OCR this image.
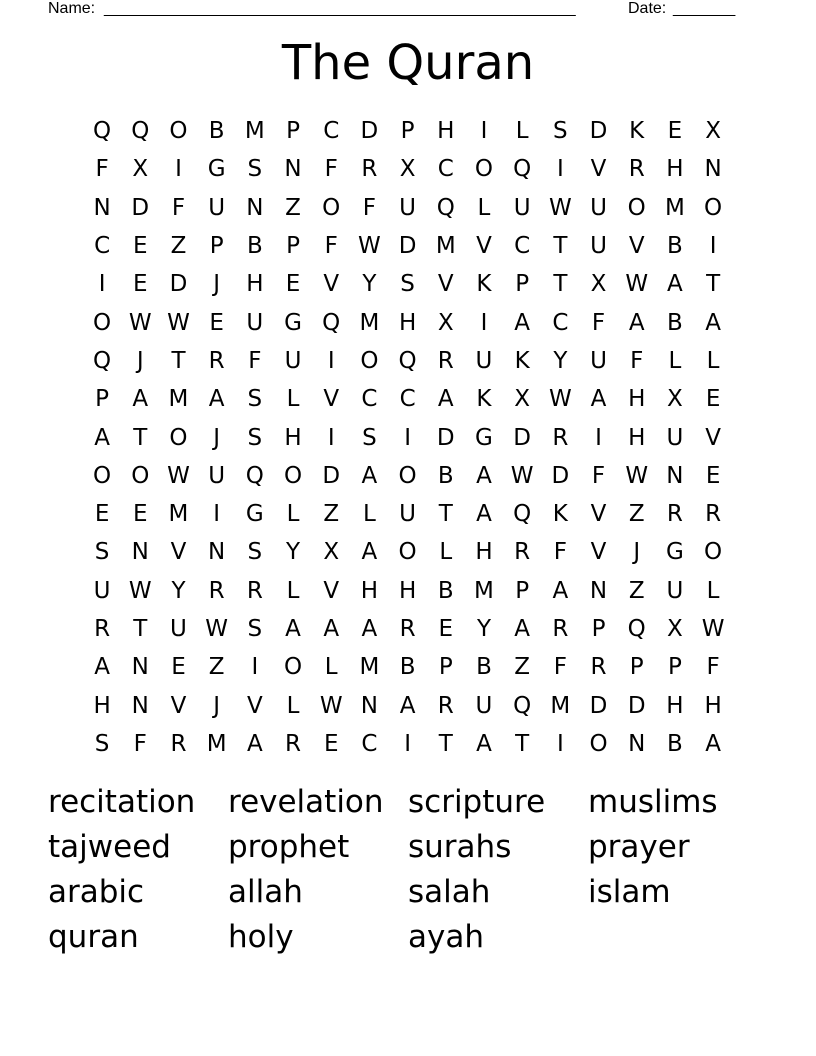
Name: _____________________________________________________	Date: _______
The Quran
Q Q O B M P	C D P H	I	L	S D K	E	X
F	X	I	G S N F	R X C O Q	I	V R H N
N D F	U N Z O F	U Q L	U W U O M O
C E	Z	P	B	P	F W D M V C	T U V B	I
I	E D	J	H E	V	Y	S	V K	P	T	X W A	T
O W W E U G Q M H X	I	A C	F	A B A
Q	J	T	R	F	U	I	O Q R U K	Y U	F	L	L
P	A M A	S	L	V C C A K X W A H X	E
A	T O	J	S H	I	S	I	D G D R	I	H U V
O O W U Q O D A O B A W D F W N E
E	E M	I	G L	Z	L	U T	A Q K V Z R R
S N V N S	Y	X A O L	H R	F	V	J	G O
U W Y	R R	L	V H H B M P	A N Z U	L
R	T U W S	A A A R E	Y	A R	P Q X W
A N E	Z	I	O L M B	P	B Z	F	R	P	P	F
H N V	J	V	L W N A R U Q M D D H H
S	F	R M A R E C	I	T	A	T	I	O N B A
recitation	revelation scripture	muslims
tajweed	prophet	surahs	prayer
arabic	allah	salah	islam
quran	holy	ayah
